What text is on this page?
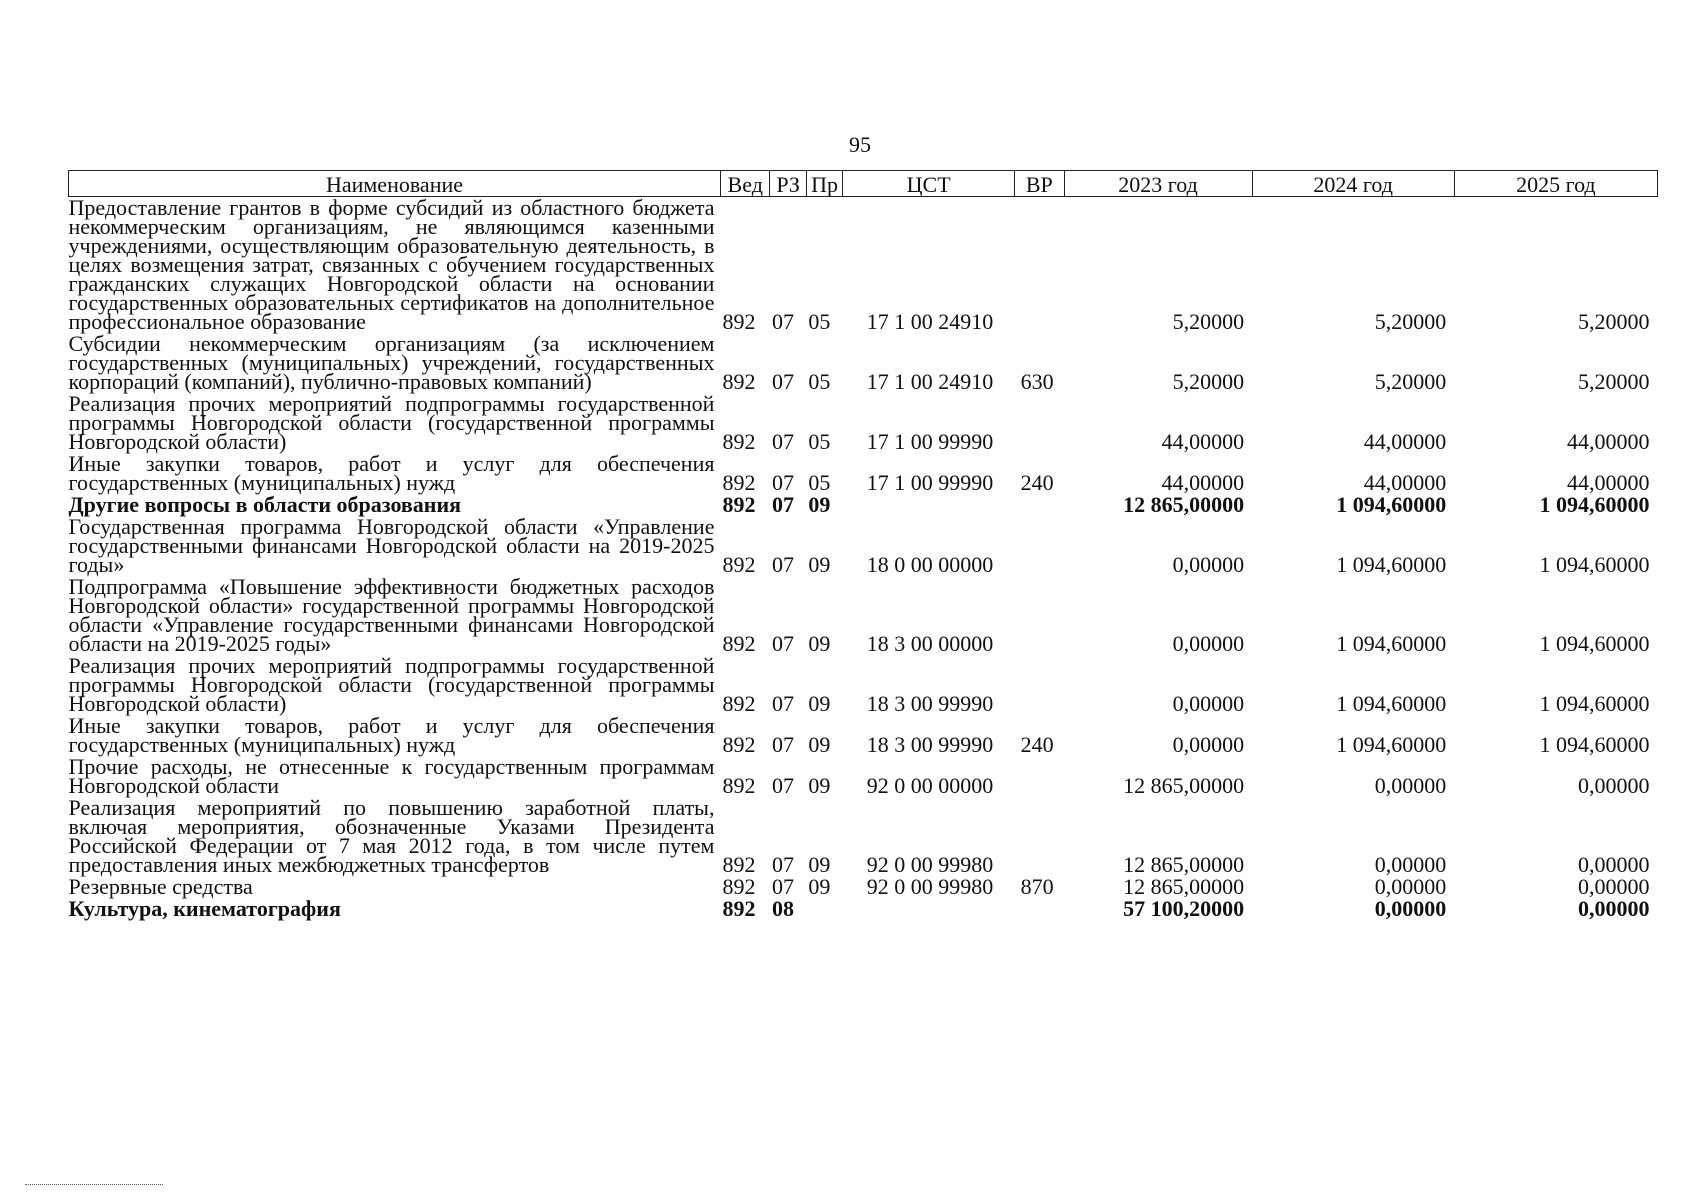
95
Наименование	Вед	РЗ	Пр	ЦСТ	ВР	2023 год	2024 год	2025 год
Предоставление грантов в форме субсидий из областного бюджета некоммерческим организациям, не являющимся казенными учреждениями, осуществляющим образовательную деятельность, в целях возмещения затрат, связанных с обучением государственных гражданских служащих Новгородской области на основании государственных образовательных сертификатов на дополнительное профессиональное образование	892	07	05	17 1 00 24910		5,20000	5,20000	5,20000
Субсидии некоммерческим организациям (за исключением государственных (муниципальных) учреждений, государственных корпораций (компаний), публично-правовых компаний)	892	07	05	17 1 00 24910	630	5,20000	5,20000	5,20000
Реализация прочих мероприятий подпрограммы государственной программы Новгородской области (государственной программы Новгородской области)	892	07	05	17 1 00 99990		44,00000	44,00000	44,00000
Иные закупки товаров, работ и услуг для обеспечения государственных (муниципальных) нужд	892	07	05	17 1 00 99990	240	44,00000	44,00000	44,00000
Другие вопросы в области образования	892	07	09			12 865,00000	1 094,60000	1 094,60000
Государственная программа Новгородской области «Управление государственными финансами Новгородской области на 2019-2025 годы»	892	07	09	18 0 00 00000		0,00000	1 094,60000	1 094,60000
Подпрограмма «Повышение эффективности бюджетных расходов Новгородской области» государственной программы Новгородской области «Управление государственными финансами Новгородской области на 2019-2025 годы»	892	07	09	18 3 00 00000		0,00000	1 094,60000	1 094,60000
Реализация прочих мероприятий подпрограммы государственной программы Новгородской области (государственной программы Новгородской области)	892	07	09	18 3 00 99990		0,00000	1 094,60000	1 094,60000
Иные закупки товаров, работ и услуг для обеспечения государственных (муниципальных) нужд	892	07	09	18 3 00 99990	240	0,00000	1 094,60000	1 094,60000
Прочие расходы, не отнесенные к государственным программам Новгородской области	892	07	09	92 0 00 00000		12 865,00000	0,00000	0,00000
Реализация мероприятий по повышению заработной платы, включая мероприятия, обозначенные Указами Президента Российской Федерации от 7 мая 2012 года, в том числе путем предоставления иных межбюджетных трансфертов	892	07	09	92 0 00 99980		12 865,00000	0,00000	0,00000
Резервные средства	892	07	09	92 0 00 99980	870	12 865,00000	0,00000	0,00000
Культура, кинематография	892	08				57 100,20000	0,00000	0,00000
